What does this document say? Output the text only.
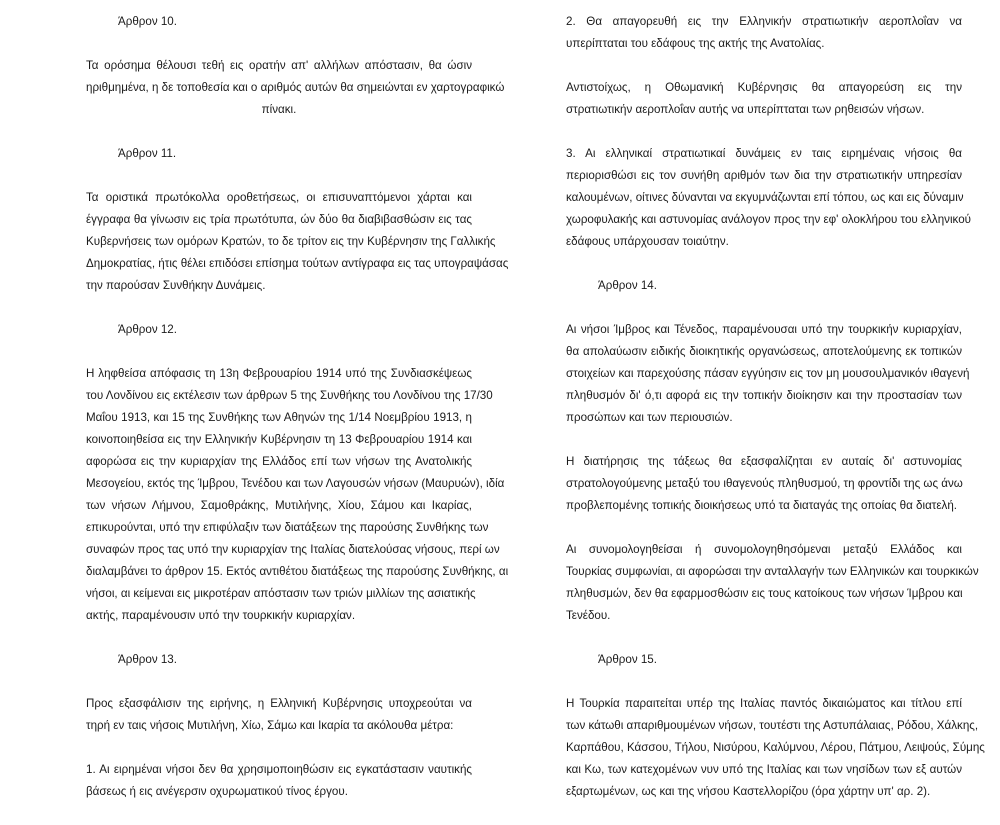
Άρθρον 10.
Τα ορόσημα θέλουσι τεθή εις ορατήν απ' αλλήλων απόστασιν, θα ώσιν
ηριθμημένα, η δε τοποθεσία και ο αριθμός αυτών θα σημειώνται εν χαρτογραφικώ
πίνακι.
Άρθρον 11.
Τα οριστικά πρωτόκολλα οροθετήσεως, οι επισυναπτόμενοι χάρται και
έγγραφα θα γίνωσιν εις τρία πρωτότυπα, ών δύο θα διαβιβασθώσιν εις τας
Κυβερνήσεις των ομόρων Κρατών, το δε τρίτον εις την Κυβέρνησιν της Γαλλικής
Δημοκρατίας, ήτις θέλει επιδόσει επίσημα τούτων αντίγραφα εις τας υπογραψάσας
την παρούσαν Συνθήκην Δυνάμεις.
Άρθρον 12.
Η ληφθείσα απόφασις τη 13η Φεβρουαρίου 1914 υπό της Συνδιασκέψεως
του Λονδίνου εις εκτέλεσιν των άρθρων 5 της Συνθήκης του Λονδίνου της 17/30
Μαΐου 1913, και 15 της Συνθήκης των Αθηνών της 1/14 Νοεμβρίου 1913, η
κοινοποιηθείσα εις την Ελληνικήν Κυβέρνησιν τη 13 Φεβρουαρίου 1914 και
αφορώσα εις την κυριαρχίαν της Ελλάδος επί των νήσων της Ανατολικής
Μεσογείου, εκτός της Ίμβρου, Τενέδου και των Λαγουσών νήσων (Μαυρυών), ιδία
των νήσων Λήμνου, Σαμοθράκης, Μυτιλήνης, Χίου, Σάμου και Ικαρίας,
επικυρούνται, υπό την επιφύλαξιν των διατάξεων της παρούσης Συνθήκης των
συναφών προς τας υπό την κυριαρχίαν της Ιταλίας διατελούσας νήσους, περί ων
διαλαμβάνει το άρθρον 15. Εκτός αντιθέτου διατάξεως της παρούσης Συνθήκης, αι
νήσοι, αι κείμεναι εις μικροτέραν απόστασιν των τριών μιλλίων της ασιατικής
ακτής, παραμένουσιν υπό την τουρκικήν κυριαρχίαν.
Άρθρον 13.
Προς εξασφάλισιν της ειρήνης, η Ελληνική Κυβέρνησις υποχρεούται να
τηρή εν ταις νήσοις Μυτιλήνη, Χίω, Σάμω και Ικαρία τα ακόλουθα μέτρα:
1. Αι ειρημέναι νήσοι δεν θα χρησιμοποιηθώσιν εις εγκατάστασιν ναυτικής
βάσεως ή εις ανέγερσιν οχυρωματικού τίνος έργου.
2. Θα απαγορευθή εις την Ελληνικήν στρατιωτικήν αεροπλοΐαν να
υπερίπταται του εδάφους της ακτής της Ανατολίας.
Αντιστοίχως, η Οθωμανική Κυβέρνησις θα απαγορεύση εις την
στρατιωτικήν αεροπλοΐαν αυτής να υπερίπταται των ρηθεισών νήσων.
3. Αι ελληνικαί στρατιωτικαί δυνάμεις εν ταις ειρημέναις νήσοις θα
περιορισθώσι εις τον συνήθη αριθμόν των δια την στρατιωτικήν υπηρεσίαν
καλουμένων, οίτινες δύνανται να εκγυμνάζωνται επί τόπου, ως και εις δύναμιν
χωροφυλακής και αστυνομίας ανάλογον προς την εφ' ολοκλήρου του ελληνικού
εδάφους υπάρχουσαν τοιαύτην.
Άρθρον 14.
Αι νήσοι Ίμβρος και Τένεδος, παραμένουσαι υπό την τουρκικήν κυριαρχίαν,
θα απολαύωσιν ειδικής διοικητικής οργανώσεως, αποτελούμενης εκ τοπικών
στοιχείων και παρεχούσης πάσαν εγγύησιν εις τον μη μουσουλμανικόν ιθαγενή
πληθυσμόν δι' ό,τι αφορά εις την τοπικήν διοίκησιν και την προστασίαν των
προσώπων και των περιουσιών.
Η διατήρησις της τάξεως θα εξασφαλίζηται εν αυταίς δι' αστυνομίας
στρατολογούμενης μεταξύ του ιθαγενούς πληθυσμού, τη φροντίδι της ως άνω
προβλεπομένης τοπικής διοικήσεως υπό τα διαταγάς της οποίας θα διατελή.
Αι συνομολογηθείσαι ή συνομολογηθησόμεναι μεταξύ Ελλάδος και
Τουρκίας συμφωνίαι, αι αφορώσαι την ανταλλαγήν των Ελληνικών και τουρκικών
πληθυσμών, δεν θα εφαρμοσθώσιν εις τους κατοίκους των νήσων Ίμβρου και
Τενέδου.
Άρθρον 15.
Η Τουρκία παραιτείται υπέρ της Ιταλίας παντός δικαιώματος και τίτλου επί
των κάτωθι απαριθμουμένων νήσων, τουτέστι της Αστυπάλαιας, Ρόδου, Χάλκης,
Καρπάθου, Κάσσου, Τήλου, Νισύρου, Καλύμνου, Λέρου, Πάτμου, Λειψούς, Σύμης
και Κω, των κατεχομένων νυν υπό της Ιταλίας και των νησίδων των εξ αυτών
εξαρτωμένων, ως και της νήσου Καστελλορίζου (όρα χάρτην υπ' αρ. 2).
